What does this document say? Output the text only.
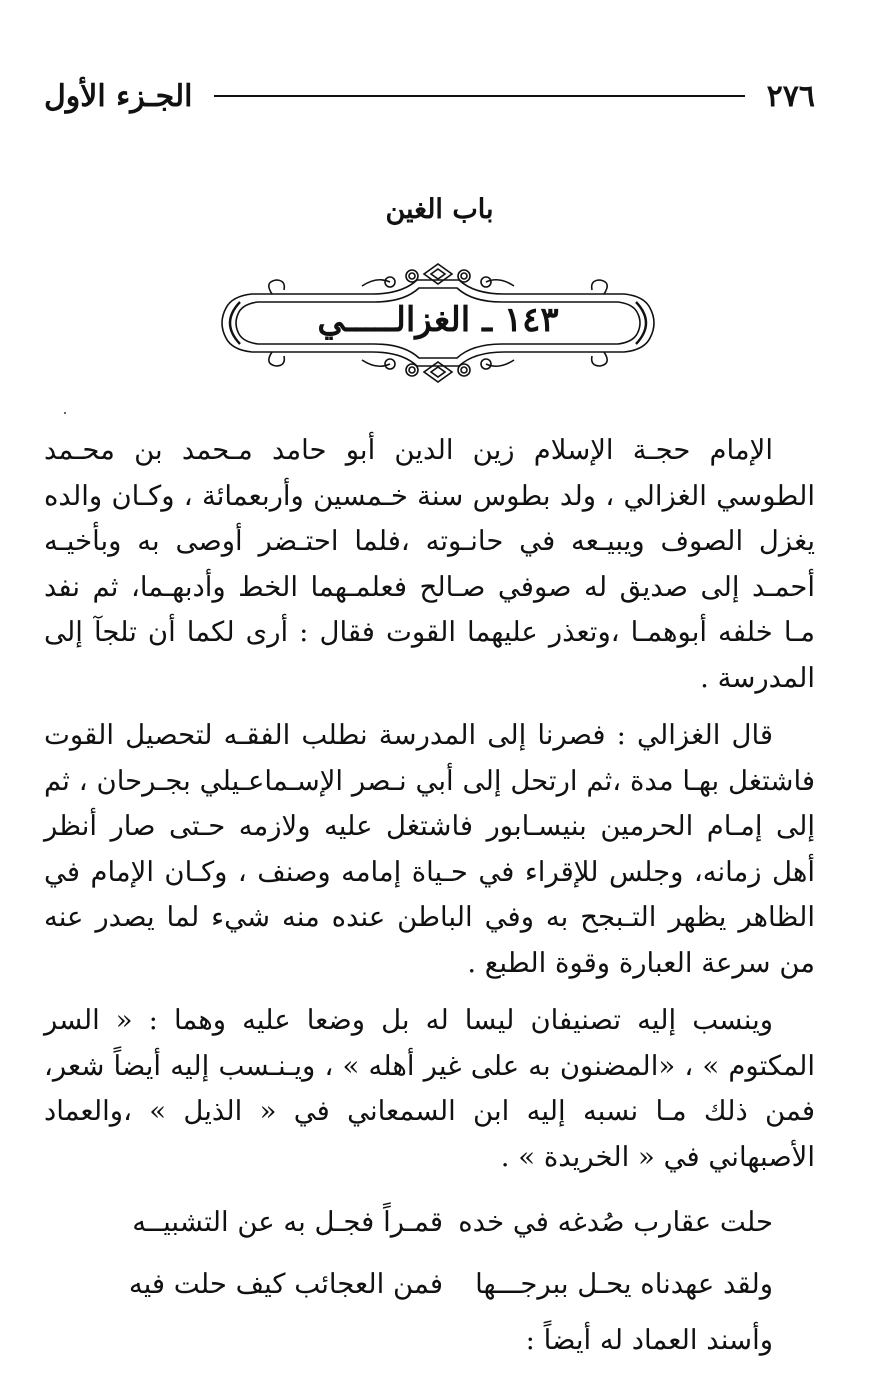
٢٧٦
الجـزء الأول
باب الغين
١٤٣ ـ الغزالـــــي

الإمام حجـة الإسلام زين الدين أبو حامد مـحمد بن محـمد الطوسي الغزالي ، ولد بطوس سنة خـمسين وأربعمائة ، وكـان والده يغزل الصوف ويبيـعه في حانـوته ،فلما احتـضر أوصى به وبأخيـه أحمـد إلى صديق له صوفي صـالح فعلمـهما الخط وأدبهـما، ثم نفد مـا خلفه أبوهمـا ،وتعذر عليهما القوت فقال : أرى لكما أن تلجآ إلى المدرسة .

قال الغزالي : فصرنا إلى المدرسة نطلب الفقـه لتحصيل القوت فاشتغل بهـا مدة ،ثم ارتحل إلى أبي نـصر الإسـماعـيلي بجـرحان ، ثم إلى إمـام الحرمين بنيسـابور فاشتغل عليه ولازمه حـتى صار أنظر أهل زمانه، وجلس للإقراء في حـياة إمامه وصنف ، وكـان الإمام في الظاهر يظهر التـبجح به وفي الباطن عنده منه شيء لما يصدر عنه من سرعة العبارة وقوة الطبع .

وينسب إليه تصنيفان ليسا له بل وضعا عليه وهما : « السر المكتوم » ، «المضنون به على غير أهله » ، ويـنـسب إليه أيضاً شعر، فمن ذلك مـا نسبه إليه ابن السمعاني في « الذيل » ،والعماد الأصبهاني في « الخريدة » .

حلت عقارب صُدغه في خده
قمـراً فجـل به عن التشبيــه
ولقد عهدناه يحـل ببرجـــها
فمن العجائب كيف حلت فيه
وأسند العماد له أيضاً :
